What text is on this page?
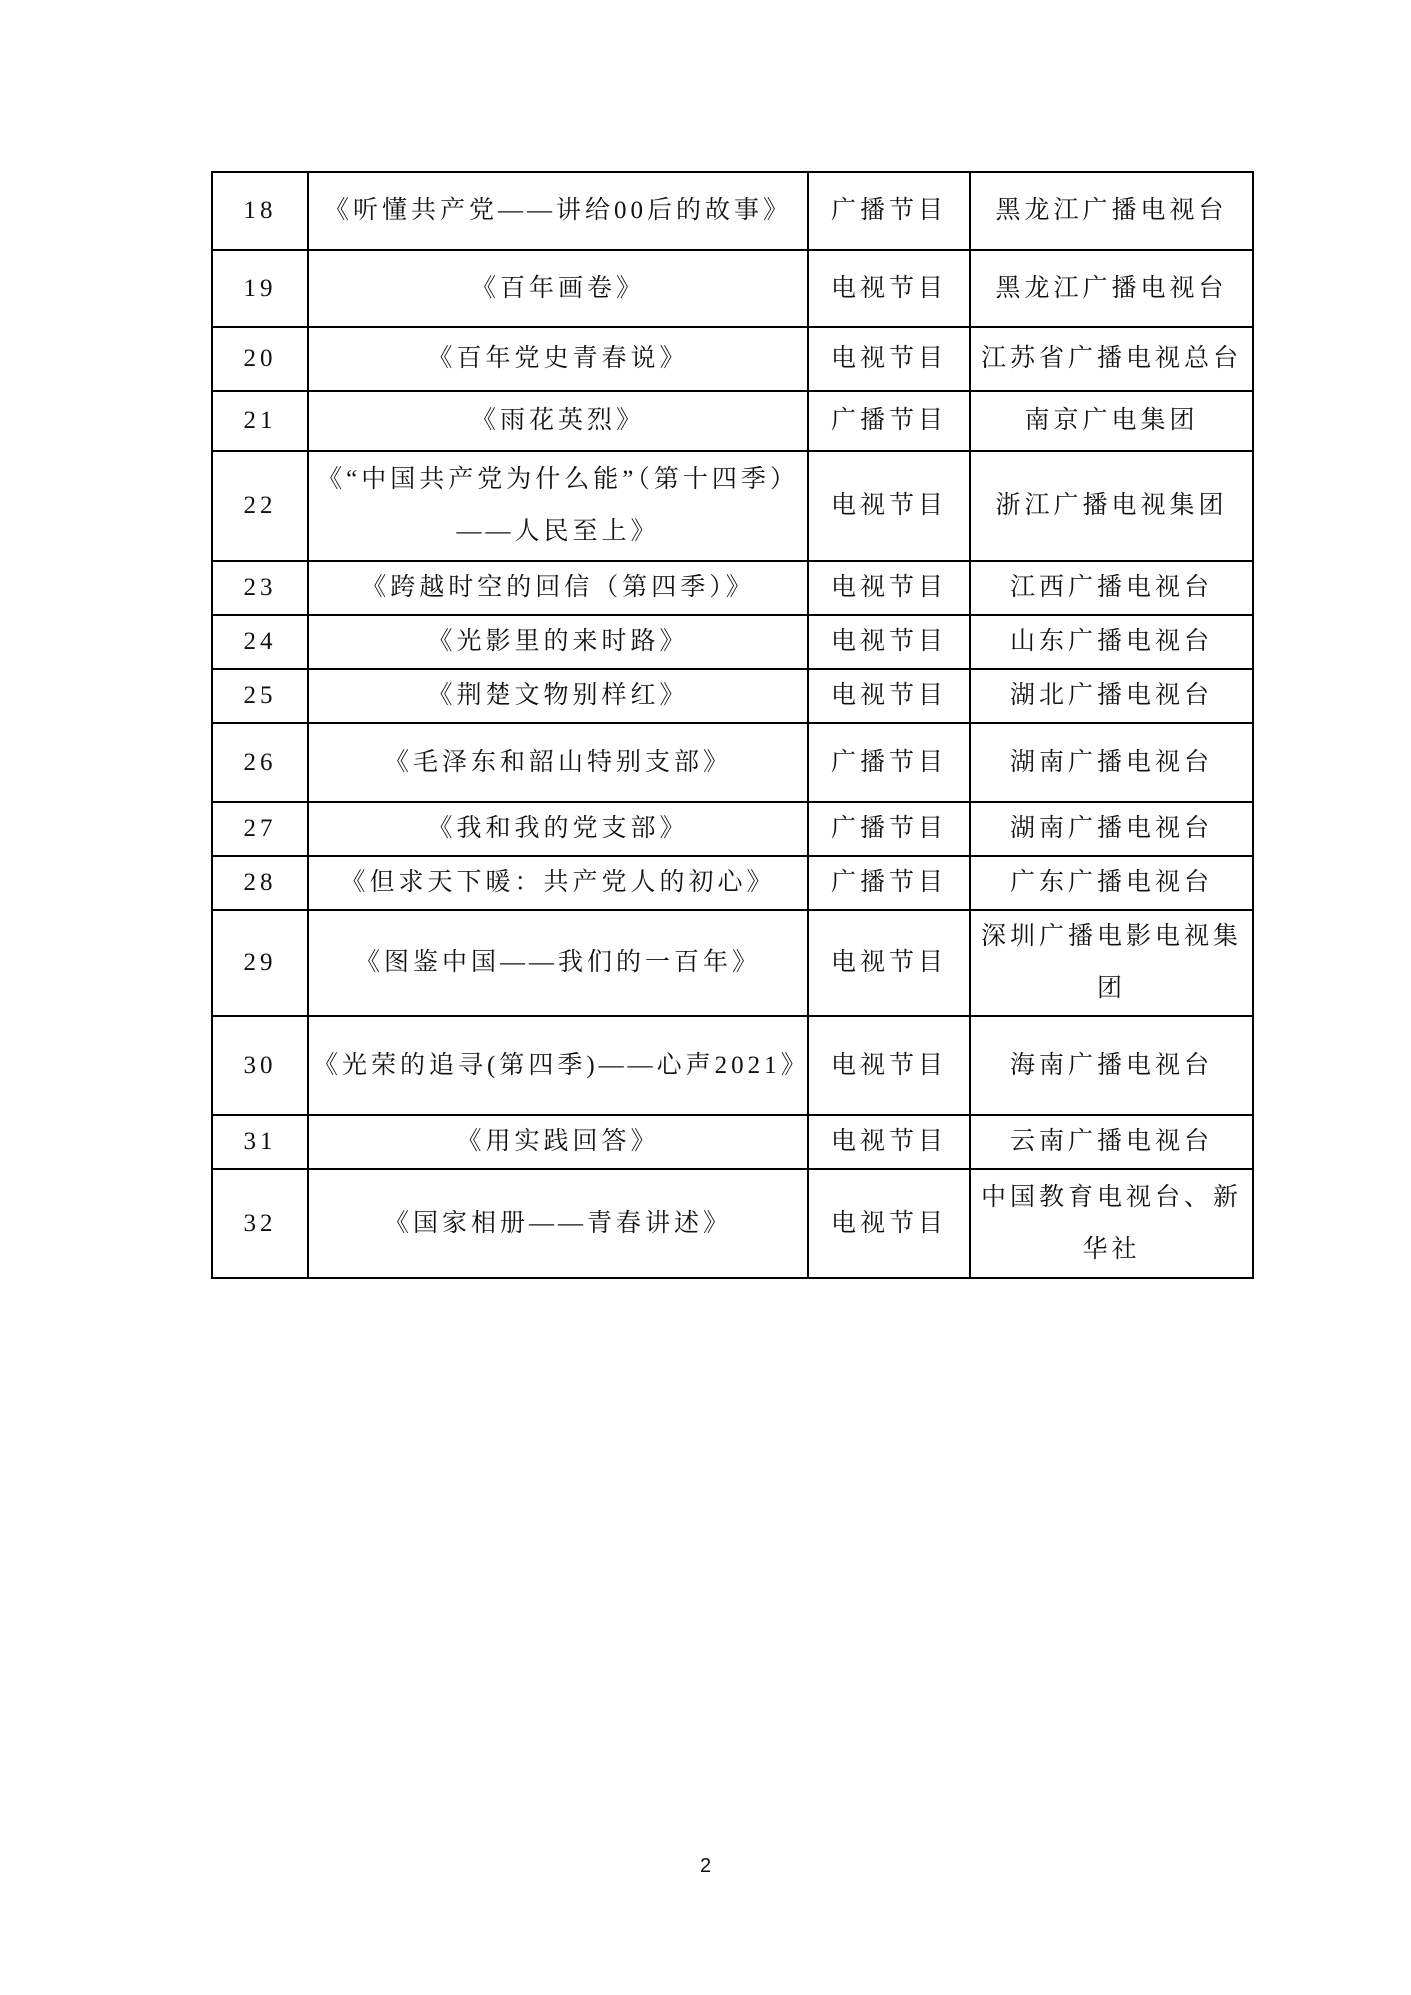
18	《听懂共产党——讲给00后的故事》	广播节目	黑龙江广播电视台
19	《百年画卷》	电视节目	黑龙江广播电视台
20	《百年党史青春说》	电视节目	江苏省广播电视总台
21	《雨花英烈》	广播节目	南京广电集团
22	《“中国共产党为什么能”（第十四季）——人民至上》	电视节目	浙江广播电视集团
23	《跨越时空的回信（第四季）》	电视节目	江西广播电视台
24	《光影里的来时路》	电视节目	山东广播电视台
25	《荆楚文物别样红》	电视节目	湖北广播电视台
26	《毛泽东和韶山特别支部》	广播节目	湖南广播电视台
27	《我和我的党支部》	广播节目	湖南广播电视台
28	《但求天下暖：共产党人的初心》	广播节目	广东广播电视台
29	《图鉴中国——我们的一百年》	电视节目	深圳广播电影电视集团
30	《光荣的追寻(第四季)——心声2021》	电视节目	海南广播电视台
31	《用实践回答》	电视节目	云南广播电视台
32	《国家相册——青春讲述》	电视节目	中国教育电视台、新华社
2
